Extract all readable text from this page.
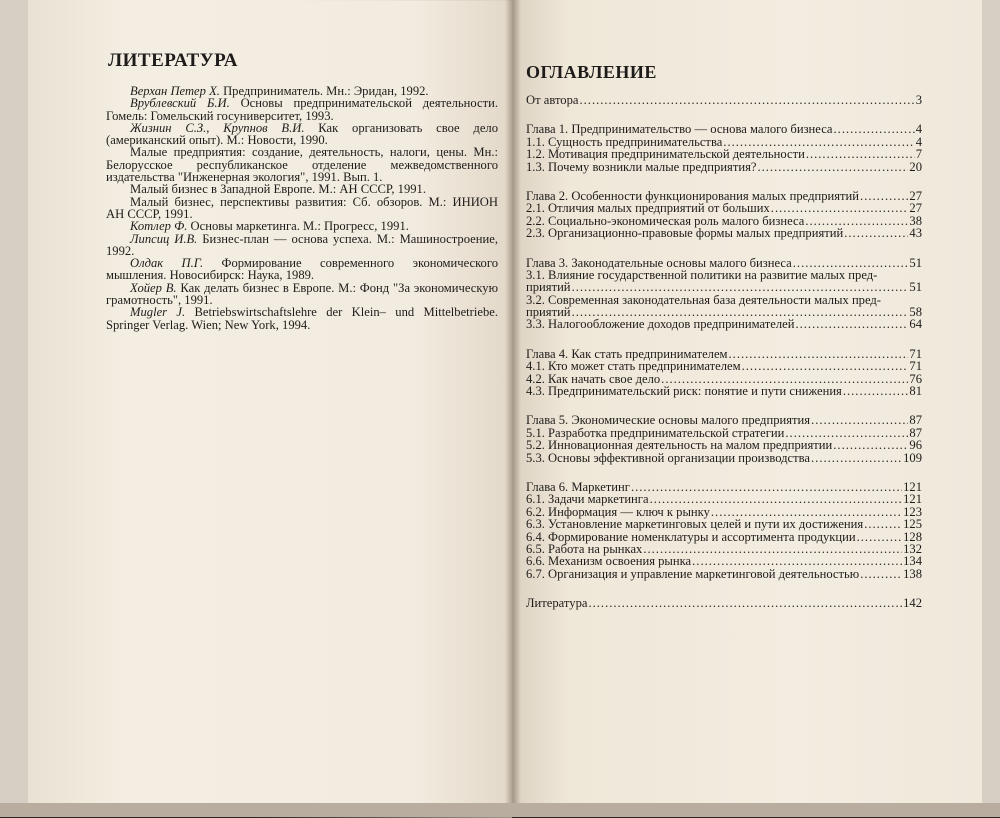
ЛИТЕРАТУРА

Верхан Петер Х. Предприниматель. Мн.: Эридан, 1992.

Врублевский Б.И. Основы предпринимательской деятельности. Гомель: Гомельский госуниверситет, 1993.

Жизнин С.З., Крупнов В.И. Как организовать свое дело (американский опыт). М.: Новости, 1990.

Малые предприятия: создание, деятельность, налоги, цены. Мн.: Белорусское республиканское отделение межведомственного издательства "Инженерная экология", 1991. Вып. 1.

Малый бизнес в Западной Европе. М.: АН СССР, 1991.

Малый бизнес, перспективы развития: Сб. обзоров. М.: ИНИОН АН СССР, 1991.

Котлер Ф. Основы маркетинга. М.: Прогресс, 1991.

Липсиц И.В. Бизнес-план — основа успеха. М.: Машиностроение, 1992.

Олдак П.Г. Формирование современного экономического мышления. Новосибирск: Наука, 1989.

Хойер В. Как делать бизнес в Европе. М.: Фонд "За экономическую грамотность", 1991.

Mugler J. Betriebswirtschaftslehre der Klein– und Mittelbetriebe. Springer Verlag. Wien; New York, 1994.

ОГЛАВЛЕНИЕ
От автора .....	3
Глава 1. Предпринимательство — основа малого бизнеса .....	4
1.1. Сущность предпринимательства .....	4
1.2. Мотивация предпринимательской деятельности .....	7
1.3. Почему возникли малые предприятия? .....	20
Глава 2. Особенности функционирования малых предприятий .....	27
2.1. Отличия малых предприятий от больших .....	27
2.2. Социально-экономическая роль малого бизнеса .....	38
2.3. Организационно-правовые формы малых предприятий .....	43
Глава 3. Законодательные основы малого бизнеса .....	51
3.1. Влияние государственной политики на развитие малых пред-
приятий .....	51
3.2. Современная законодательная база деятельности малых пред-
приятий .....	58
3.3. Налогообложение доходов предпринимателей .....	64
Глава 4. Как стать предпринимателем .....	71
4.1. Кто может стать предпринимателем .....	71
4.2. Как начать свое дело .....	76
4.3. Предпринимательский риск: понятие и пути снижения .....	81
Глава 5. Экономические основы малого предприятия .....	87
5.1. Разработка предпринимательской стратегии .....	87
5.2. Инновационная деятельность на малом предприятии .....	96
5.3. Основы эффективной организации производства .....	109
Глава 6. Маркетинг .....	121
6.1. Задачи маркетинга .....	121
6.2. Информация — ключ к рынку .....	123
6.3. Установление маркетинговых целей и пути их достижения .....	125
6.4. Формирование номенклатуры и ассортимента продукции .....	128
6.5. Работа на рынках .....	132
6.6. Механизм освоения рынка .....	134
6.7. Организация и управление маркетинговой деятельностью .....	138
Литература .....	142
